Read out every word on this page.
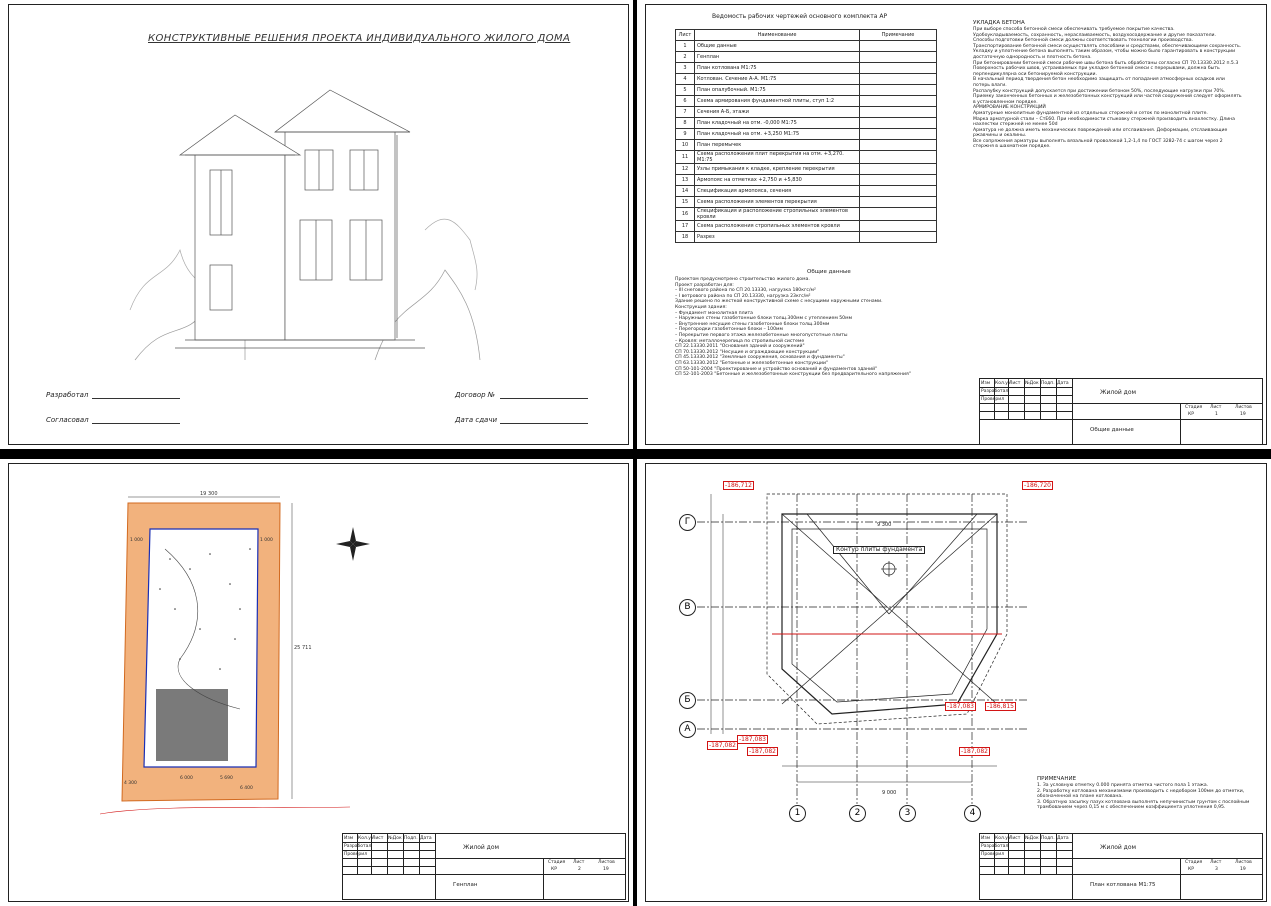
КОНСТРУКТИВНЫЕ РЕШЕНИЯ ПРОЕКТА ИНДИВИДУАЛЬНОГО ЖИЛОГО ДОМА
Разработал
Согласовал
Договор №
Дата сдачи
Ведомость рабочих чертежей основного комплекта АР
Лист	Наименование	Примечание
1	Общие данные	
2	Генплан	
3	План котлована М1:75	
4	Котлован. Сечение А-А. М1:75	
5	План опалубочный. М1:75	
6	Схема армирования фундаментной плиты, ступ 1:2	
7	Сечения А-Б, этажи	
8	План кладочный на отм. -0,000 М1:75	
9	План кладочный на отм. +3,250 М1:75	
10	План перемычек	
11	Схема расположения плит перекрытия на отм. +3,270. М1:75	
12	Узлы примыкания к кладке, крепление перекрытия	
13	Армопояс на отметках +2,750 и +5,830	
14	Спецификация армопояса, сечения	
15	Схема расположения элементов перекрытия	
16	Спецификация и расположение стропильных элементов кровли	
17	Схема расположения стропильных элементов кровли	
18	Разрез	
Общие данные
Проектом предусмотрено строительство жилого дома.
Проект разработан для:
– III снегового района по СП 20.13330, нагрузка 180кгс/м²
– I ветрового района по СП 20.13330, нагрузка 23кгс/м²
Здание решено по жесткой конструктивной схеме с несущими наружными стенами.
Конструкция здания:
– Фундамент монолитная плита
– Наружные стены газобетонные блоки толщ.300мм с утеплением 50мм
– Внутренние несущие стены газобетонные блоки толщ.300мм
– Перегородки газобетонные блоки – 100мм
– Перекрытие первого этажа железобетонные многопустотные плиты
– Кровля: металлочерепица по стропильной системе
СП 22.13330.2011 "Основания зданий и сооружений"
СП 70.13330.2012 "Несущие и ограждающие конструкции"
СП 45.13330.2012 "Земляные сооружения, основания и фундаменты"
СП 63.13330.2012 "Бетонные и железобетонные конструкции"
СП 50-101-2004 "Проектирование и устройство оснований и фундаментов зданий"
СП 52-101-2003 "Бетонные и железобетонные конструкции без предварительного напряжения"
УКЛАДКА БЕТОНА
При выборе способа бетонной смеси обеспечивать требуемое покрытие качества.
Удобоукладываемость, сохранность, нераслаиваемость, воздухосодержание и другие показатели.
Способы подготовки бетонной смеси должны соответствовать технологии производства.
Транспортирование бетонной смеси осуществлять способами и средствами, обеспечивающими сохранность.
Укладку и уплотнение бетона выполнять таким образом, чтобы можно было гарантировать в конструкции достаточную однородность и плотность бетона.
При бетонировании бетонной смеси рабочие швы бетона быть обработаны согласно СП 70.13330.2012 п.5.3
Поверхность рабочих швов, устраиваемых при укладке бетонной смеси с перерывами, должна быть перпендикулярна оси бетонируемой конструкции.
В начальный период твердения бетон необходимо защищать от попадания атмосферных осадков или потерь влаги.
Распалубку конструкций допускается при достижении бетоном 50%, последующие нагрузки при 70%.
Приемку законченных бетонных и железобетонных конструкций или частей сооружений следует оформлять в установленном порядке.
АРМИРОВАНИЕ КОНСТРУКЦИЙ
Арматурные монолитные фундаментной из отдельных стержней и сеток по монолитной плите.
Марка арматурной стали – СтЕ60. При необходимости стыковку стержней производить внахлестку. Длина нахлестки стержней не менее 50d
Арматура не должна иметь механических повреждений или отслаивания. Деформации, отслаивающие ржавчины и окалины.
Все сопряжения арматуры выполнять вязальной проволокой 1,2-1,4 по ГОСТ 3282-74 с шагом через 2 стержня в шахматном порядке.
Изм Кол.уч
Лист №Док Подп. Дата
Разработал
Проверил
Жилой дом
Общие данные
Стадия Лист	Листов
КР	1	19
19 300
25 711
1 000
6 000
4 300
5 690
6 400
1 000
Изм Кол.уч
Лист №Док Подп. Дата
Разработал
Проверил
Жилой дом
Генплан
Стадия Лист	Листов
КР	2	19
Контур плиты фундамента
9 300
9 000
ПРИМЕЧАНИЕ
1. За условную отметку 0.000 принята отметка чистого пола 1 этажа.
2. Разработку котлована механизмами производить с недобором 100мм до отметки, обозначенной на плане котлована.
3. Обратную засыпку пазух котлована выполнять непучинистым грунтом с послойным трамбованием через 0,15 м с обеспечением коэффициента уплотнения 0,95.
Изм Кол.уч
Лист №Док Подп. Дата
Разработал
Проверил
Жилой дом
План котлована М1:75
Стадия Лист	Листов
КР	3	19
Г
В
Б
А
1	2	3	4
-186,712	-186,720
-187,082
-187,083
-187,082	-187,082
-186,815
-187,083
